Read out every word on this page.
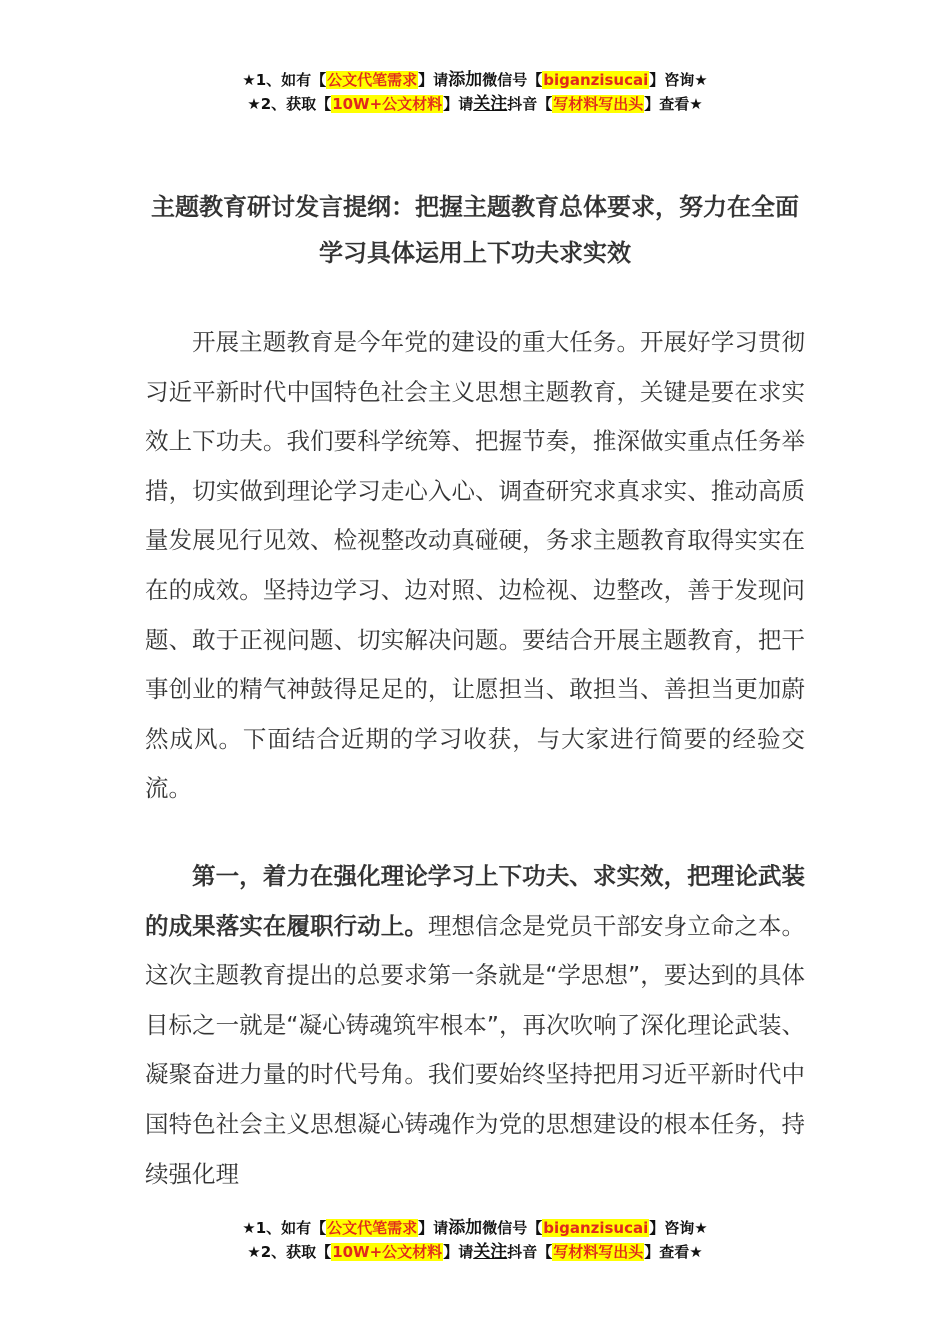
★1、如有【公文代笔需求】请添加微信号【biganzisucai】咨询★
★2、获取【10W+公文材料】请关注抖音【写材料写出头】查看★
主题教育研讨发言提纲：把握主题教育总体要求，努力在全面学习具体运用上下功夫求实效

开展主题教育是今年党的建设的重大任务。开展好学习贯彻习近平新时代中国特色社会主义思想主题教育，关键是要在求实效上下功夫。我们要科学统筹、把握节奏，推深做实重点任务举措，切实做到理论学习走心入心、调查研究求真求实、推动高质量发展见行见效、检视整改动真碰硬，务求主题教育取得实实在在的成效。坚持边学习、边对照、边检视、边整改，善于发现问题、敢于正视问题、切实解决问题。要结合开展主题教育，把干事创业的精气神鼓得足足的，让愿担当、敢担当、善担当更加蔚然成风。下面结合近期的学习收获，与大家进行简要的经验交流。

第一，着力在强化理论学习上下功夫、求实效，把理论武装的成果落实在履职行动上。理想信念是党员干部安身立命之本。这次主题教育提出的总要求第一条就是“学思想”，要达到的具体目标之一就是“凝心铸魂筑牢根本”，再次吹响了深化理论武装、凝聚奋进力量的时代号角。我们要始终坚持把用习近平新时代中国特色社会主义思想凝心铸魂作为党的思想建设的根本任务，持续强化理

★1、如有【公文代笔需求】请添加微信号【biganzisucai】咨询★
★2、获取【10W+公文材料】请关注抖音【写材料写出头】查看★
